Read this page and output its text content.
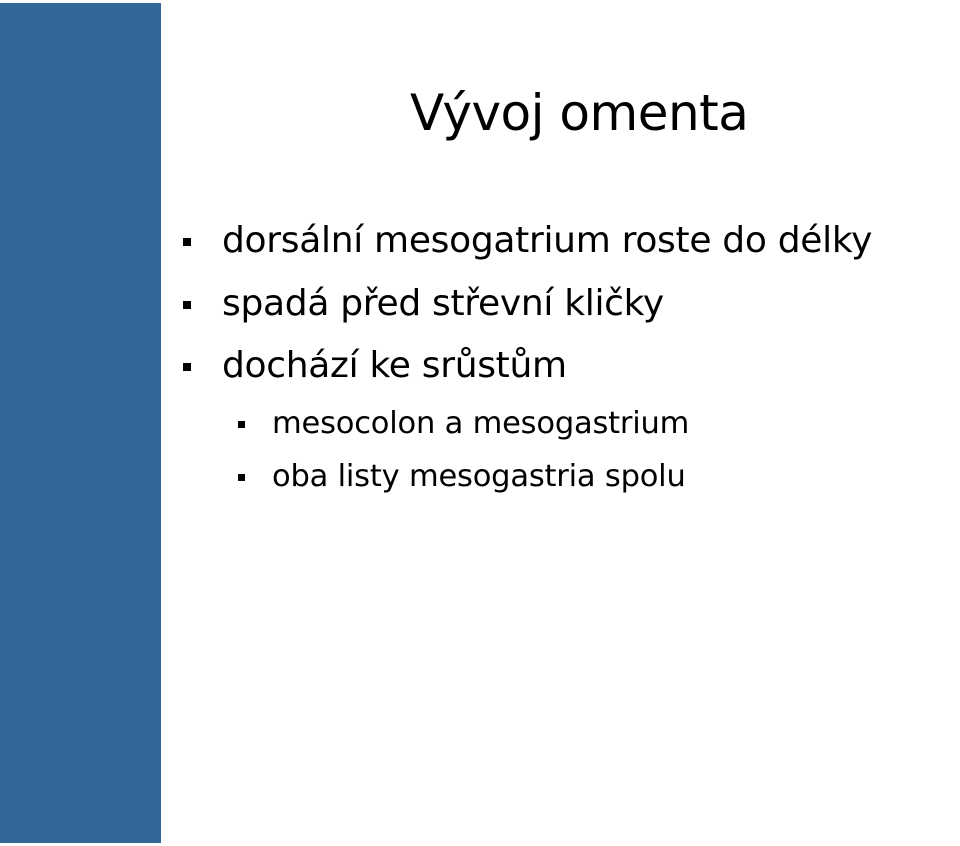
Vývoj omenta
dorsální mesogatrium roste do délky
spadá před střevní kličky
dochází ke srůstům
mesocolon a mesogastrium
oba listy mesogastria spolu
